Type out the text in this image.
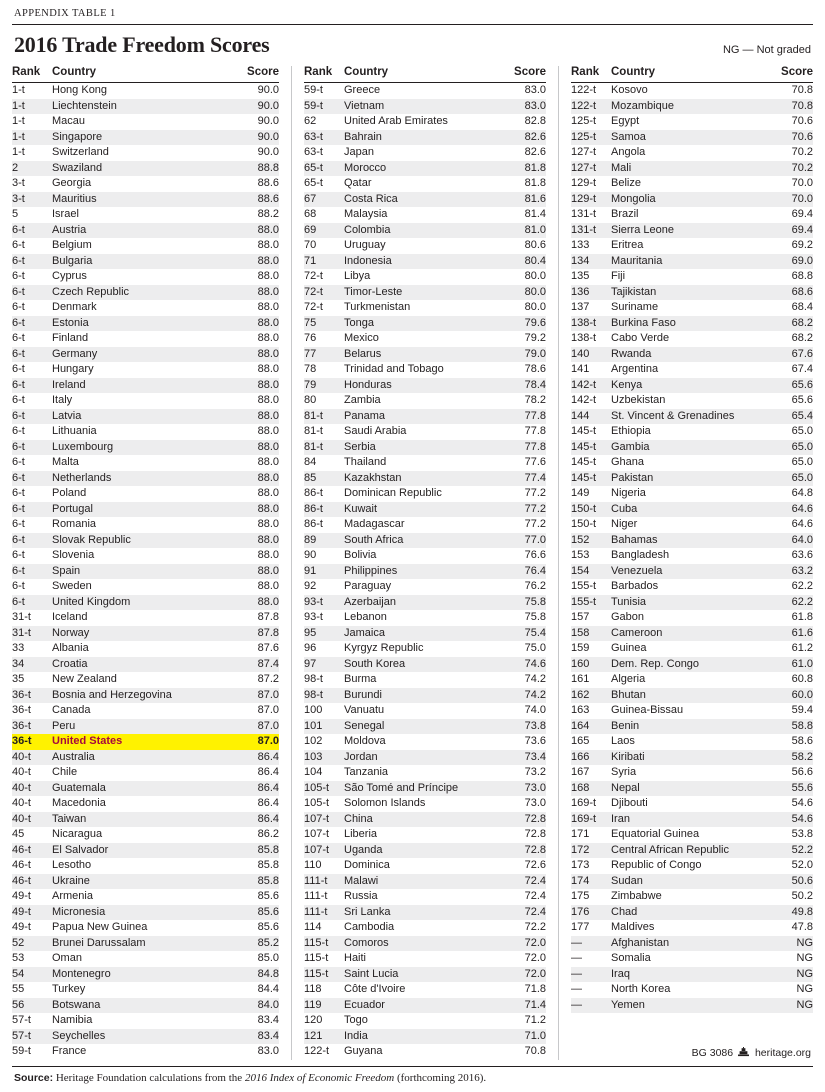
APPENDIX TABLE 1
2016 Trade Freedom Scores	NG — Not graded
Rank	Country	Score
1-t	Hong Kong	90.0
1-t	Liechtenstein	90.0
1-t	Macau	90.0
1-t	Singapore	90.0
1-t	Switzerland	90.0
2	Swaziland	88.8
3-t	Georgia	88.6
3-t	Mauritius	88.6
5	Israel	88.2
6-t	Austria	88.0
6-t	Belgium	88.0
6-t	Bulgaria	88.0
6-t	Cyprus	88.0
6-t	Czech Republic	88.0
6-t	Denmark	88.0
6-t	Estonia	88.0
6-t	Finland	88.0
6-t	Germany	88.0
6-t	Hungary	88.0
6-t	Ireland	88.0
6-t	Italy	88.0
6-t	Latvia	88.0
6-t	Lithuania	88.0
6-t	Luxembourg	88.0
6-t	Malta	88.0
6-t	Netherlands	88.0
6-t	Poland	88.0
6-t	Portugal	88.0
6-t	Romania	88.0
6-t	Slovak Republic	88.0
6-t	Slovenia	88.0
6-t	Spain	88.0
6-t	Sweden	88.0
6-t	United Kingdom	88.0
31-t	Iceland	87.8
31-t	Norway	87.8
33	Albania	87.6
34	Croatia	87.4
35	New Zealand	87.2
36-t	Bosnia and Herzegovina	87.0
36-t	Canada	87.0
36-t	Peru	87.0
36-t	United States	87.0
40-t	Australia	86.4
40-t	Chile	86.4
40-t	Guatemala	86.4
40-t	Macedonia	86.4
40-t	Taiwan	86.4
45	Nicaragua	86.2
46-t	El Salvador	85.8
46-t	Lesotho	85.8
46-t	Ukraine	85.8
49-t	Armenia	85.6
49-t	Micronesia	85.6
49-t	Papua New Guinea	85.6
52	Brunei Darussalam	85.2
53	Oman	85.0
54	Montenegro	84.8
55	Turkey	84.4
56	Botswana	84.0
57-t	Namibia	83.4
57-t	Seychelles	83.4
59-t	France	83.0
Rank	Country	Score
59-t	Greece	83.0
59-t	Vietnam	83.0
62	United Arab Emirates	82.8
63-t	Bahrain	82.6
63-t	Japan	82.6
65-t	Morocco	81.8
65-t	Qatar	81.8
67	Costa Rica	81.6
68	Malaysia	81.4
69	Colombia	81.0
70	Uruguay	80.6
71	Indonesia	80.4
72-t	Libya	80.0
72-t	Timor-Leste	80.0
72-t	Turkmenistan	80.0
75	Tonga	79.6
76	Mexico	79.2
77	Belarus	79.0
78	Trinidad and Tobago	78.6
79	Honduras	78.4
80	Zambia	78.2
81-t	Panama	77.8
81-t	Saudi Arabia	77.8
81-t	Serbia	77.8
84	Thailand	77.6
85	Kazakhstan	77.4
86-t	Dominican Republic	77.2
86-t	Kuwait	77.2
86-t	Madagascar	77.2
89	South Africa	77.0
90	Bolivia	76.6
91	Philippines	76.4
92	Paraguay	76.2
93-t	Azerbaijan	75.8
93-t	Lebanon	75.8
95	Jamaica	75.4
96	Kyrgyz Republic	75.0
97	South Korea	74.6
98-t	Burma	74.2
98-t	Burundi	74.2
100	Vanuatu	74.0
101	Senegal	73.8
102	Moldova	73.6
103	Jordan	73.4
104	Tanzania	73.2
105-t	São Tomé and Príncipe	73.0
105-t	Solomon Islands	73.0
107-t	China	72.8
107-t	Liberia	72.8
107-t	Uganda	72.8
110	Dominica	72.6
111-t	Malawi	72.4
111-t	Russia	72.4
111-t	Sri Lanka	72.4
114	Cambodia	72.2
115-t	Comoros	72.0
115-t	Haiti	72.0
115-t	Saint Lucia	72.0
118	Côte d'Ivoire	71.8
119	Ecuador	71.4
120	Togo	71.2
121	India	71.0
122-t	Guyana	70.8
Rank	Country	Score
122-t	Kosovo	70.8
122-t	Mozambique	70.8
125-t	Egypt	70.6
125-t	Samoa	70.6
127-t	Angola	70.2
127-t	Mali	70.2
129-t	Belize	70.0
129-t	Mongolia	70.0
131-t	Brazil	69.4
131-t	Sierra Leone	69.4
133	Eritrea	69.2
134	Mauritania	69.0
135	Fiji	68.8
136	Tajikistan	68.6
137	Suriname	68.4
138-t	Burkina Faso	68.2
138-t	Cabo Verde	68.2
140	Rwanda	67.6
141	Argentina	67.4
142-t	Kenya	65.6
142-t	Uzbekistan	65.6
144	St. Vincent & Grenadines	65.4
145-t	Ethiopia	65.0
145-t	Gambia	65.0
145-t	Ghana	65.0
145-t	Pakistan	65.0
149	Nigeria	64.8
150-t	Cuba	64.6
150-t	Niger	64.6
152	Bahamas	64.0
153	Bangladesh	63.6
154	Venezuela	63.2
155-t	Barbados	62.2
155-t	Tunisia	62.2
157	Gabon	61.8
158	Cameroon	61.6
159	Guinea	61.2
160	Dem. Rep. Congo	61.0
161	Algeria	60.8
162	Bhutan	60.0
163	Guinea-Bissau	59.4
164	Benin	58.8
165	Laos	58.6
166	Kiribati	58.2
167	Syria	56.6
168	Nepal	55.6
169-t	Djibouti	54.6
169-t	Iran	54.6
171	Equatorial Guinea	53.8
172	Central African Republic	52.2
173	Republic of Congo	52.0
174	Sudan	50.6
175	Zimbabwe	50.2
176	Chad	49.8
177	Maldives	47.8
—	Afghanistan	NG
—	Somalia	NG
—	Iraq	NG
—	North Korea	NG
—	Yemen	NG
BG 3086 heritage.org
Source: Heritage Foundation calculations from the 2016 Index of Economic Freedom (forthcoming 2016).
